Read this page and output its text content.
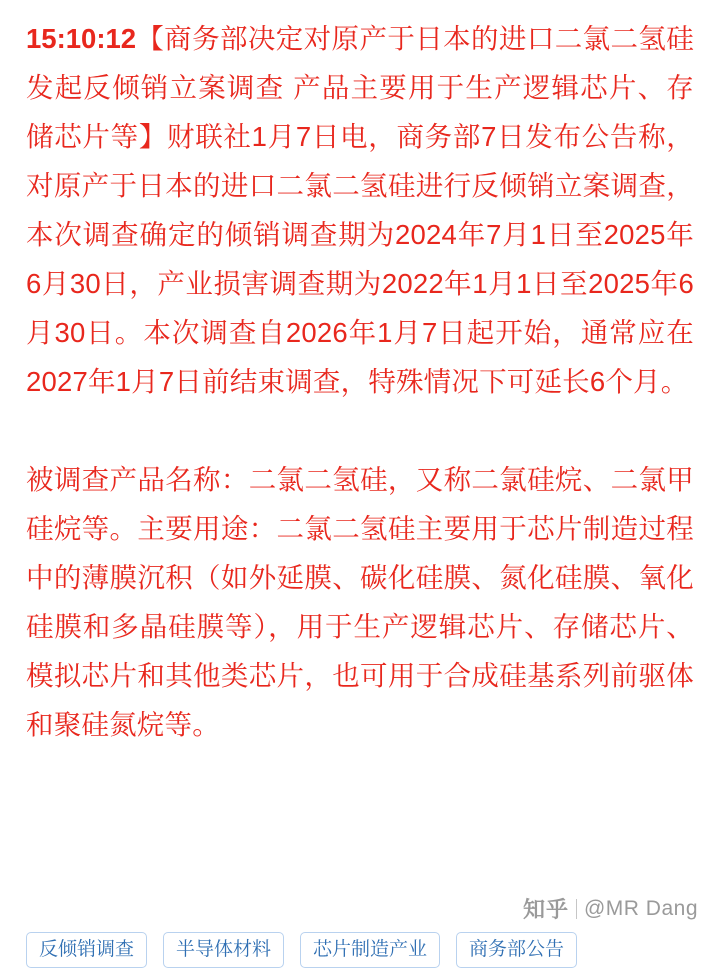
15:10:12【商务部决定对原产于日本的进口二氯二氢硅发起反倾销立案调查 产品主要用于生产逻辑芯片、存储芯片等】财联社1月7日电，商务部7日发布公告称，对原产于日本的进口二氯二氢硅进行反倾销立案调查，本次调查确定的倾销调查期为2024年7月1日至2025年6月30日，产业损害调查期为2022年1月1日至2025年6月30日。本次调查自2026年1月7日起开始，通常应在2027年1月7日前结束调查，特殊情况下可延长6个月。

被调查产品名称：二氯二氢硅，又称二氯硅烷、二氯甲硅烷等。主要用途：二氯二氢硅主要用于芯片制造过程中的薄膜沉积（如外延膜、碳化硅膜、氮化硅膜、氧化硅膜和多晶硅膜等），用于生产逻辑芯片、存储芯片、模拟芯片和其他类芯片，也可用于合成硅基系列前驱体和聚硅氮烷等。

反倾销调查	半导体材料	芯片制造产业	商务部公告
知乎 @MR Dang
